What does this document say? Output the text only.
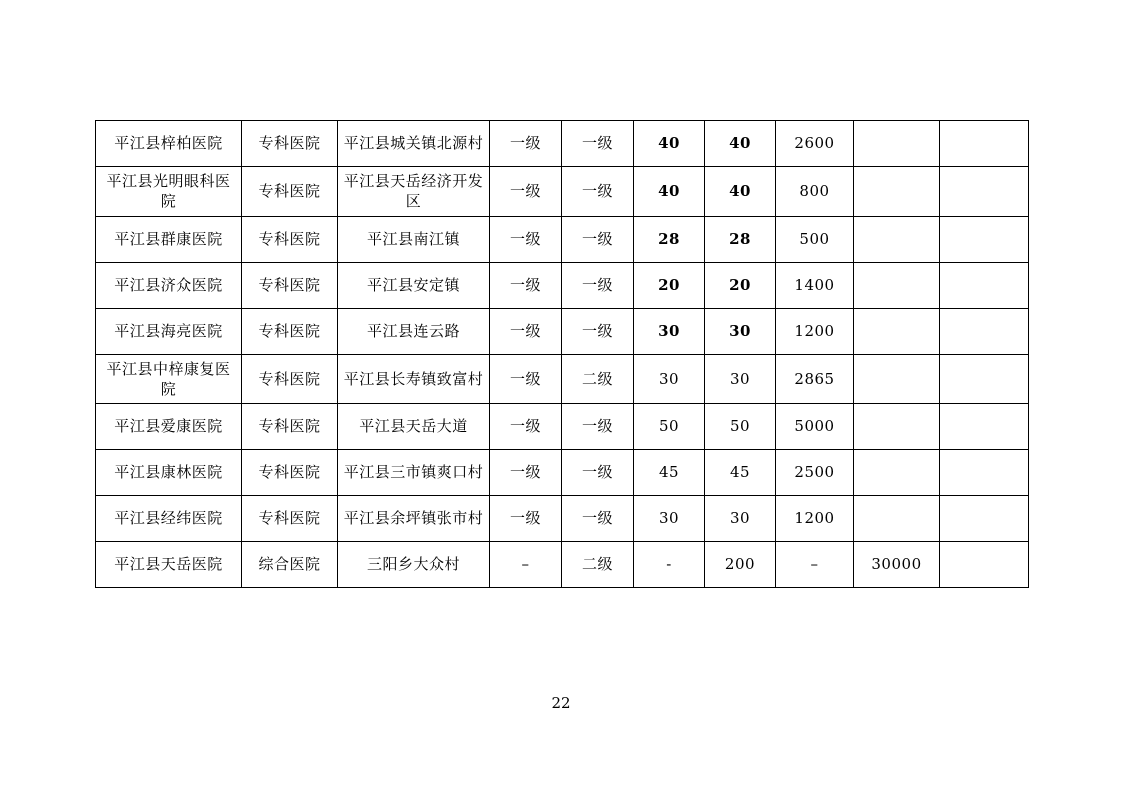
平江县梓柏医院	专科医院	平江县城关镇北源村	一级	一级	40	40	2600		
平江县光明眼科医院	专科医院	平江县天岳经济开发区	一级	一级	40	40	800		
平江县群康医院	专科医院	平江县南江镇	一级	一级	28	28	500		
平江县济众医院	专科医院	平江县安定镇	一级	一级	20	20	1400		
平江县海亮医院	专科医院	平江县连云路	一级	一级	30	30	1200		
平江县中梓康复医院	专科医院	平江县长寿镇致富村	一级	二级	30	30	2865		
平江县爱康医院	专科医院	平江县天岳大道	一级	一级	50	50	5000		
平江县康林医院	专科医院	平江县三市镇爽口村	一级	一级	45	45	2500		
平江县经纬医院	专科医院	平江县余坪镇张市村	一级	一级	30	30	1200		
平江县天岳医院	综合医院	三阳乡大众村	–	二级	-	200	–	30000	
22
